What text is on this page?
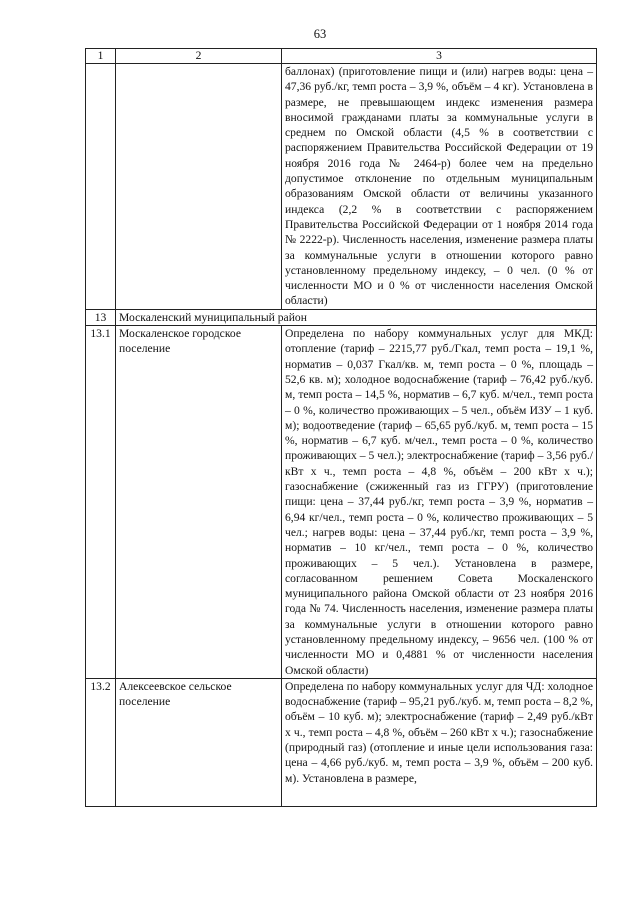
63
1	2	3
		баллонах) (приготовление пищи и (или) нагрев воды: цена – 47,36 руб./кг, темп роста – 3,9 %, объём – 4 кг). Установлена в размере, не превышающем индекс изменения размера вносимой гражданами платы за коммунальные услуги в среднем по Омской области (4,5 % в соответствии с распоряжением Правительства Российской Федерации от 19 ноября 2016 года № 2464-р) более чем на предельно допустимое отклонение по отдельным муниципальным образованиям Омской области от величины указанного индекса (2,2 % в соответствии с распоряжением Правительства Российской Федерации от 1 ноября 2014 года № 2222-р). Численность населения, изменение размера платы за коммунальные услуги в отношении которого равно установленному предельному индексу, – 0 чел. (0 % от численности МО и 0 % от численности населения Омской области)
13	Москаленский муниципальный район	
13.1	Москаленское городское поселение	Определена по набору коммунальных услуг для МКД: отопление (тариф – 2215,77 руб./Гкал, темп роста – 19,1 %, норматив – 0,037 Гкал/кв. м, темп роста – 0 %, площадь – 52,6 кв. м); холодное водоснабжение (тариф – 76,42 руб./куб. м, темп роста – 14,5 %, норматив – 6,7 куб. м/чел., темп роста – 0 %, количество проживающих – 5 чел., объём ИЗУ – 1 куб. м); водоотведение (тариф – 65,65 руб./куб. м, темп роста – 15 %, норматив – 6,7 куб. м/чел., темп роста – 0 %, количество проживающих – 5 чел.); электроснабжение (тариф – 3,56 руб./кВт х ч., темп роста – 4,8 %, объём – 200 кВт х ч.); газоснабжение (сжиженный газ из ГГРУ) (приготовление пищи: цена – 37,44 руб./кг, темп роста – 3,9 %, норматив – 6,94 кг/чел., темп роста – 0 %, количество проживающих – 5 чел.; нагрев воды: цена – 37,44 руб./кг, темп роста – 3,9 %, норматив – 10 кг/чел., темп роста – 0 %, количество проживающих – 5 чел.). Установлена в размере, согласованном решением Совета Москаленского муниципального района Омской области от 23 ноября 2016 года № 74. Численность населения, изменение размера платы за коммунальные услуги в отношении которого равно установленному предельному индексу, – 9656 чел. (100 % от численности МО и 0,4881 % от численности населения Омской области)
13.2	Алексеевское сельское поселение	Определена по набору коммунальных услуг для ЧД: холодное водоснабжение (тариф – 95,21 руб./куб. м, темп роста – 8,2 %, объём – 10 куб. м); электроснабжение (тариф – 2,49 руб./кВт х ч., темп роста – 4,8 %, объём – 260 кВт х ч.); газоснабжение (природный газ) (отопление и иные цели использования газа: цена – 4,66 руб./куб. м, темп роста – 3,9 %, объём – 200 куб. м). Установлена в размере,
